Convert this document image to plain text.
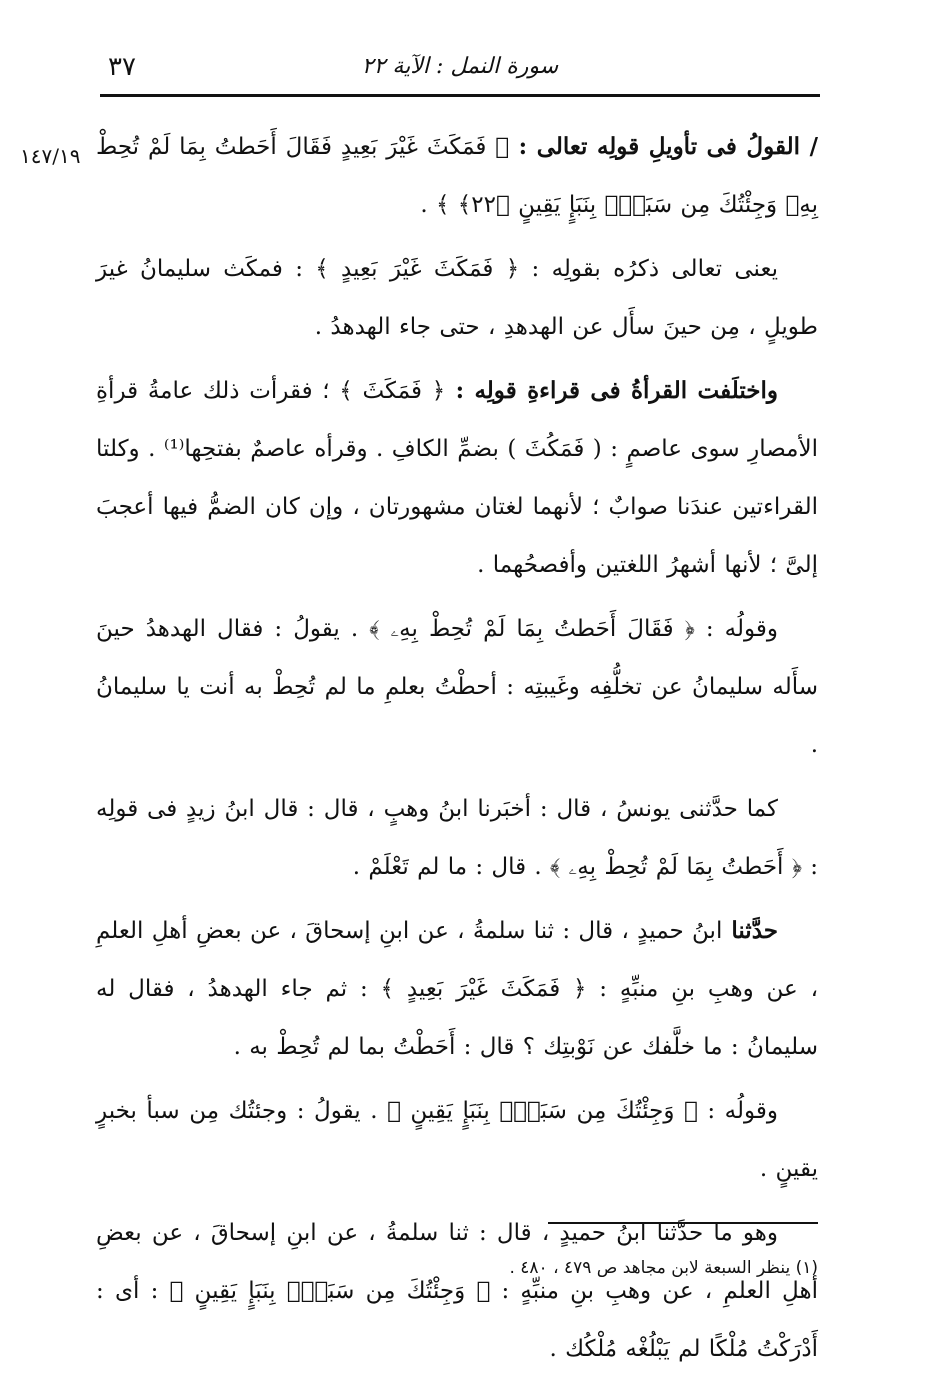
٣٧	سورة النمل : الآية ٢٢
١٤٧/١٩	/ القولُ فى تأويلِ قولِه تعالى : ﴿ فَمَكَثَ غَيْرَ بَعِيدٍ فَقَالَ أَحَطتُ بِمَا لَمْ تُحِطْ بِهِۦ وَجِئْتُكَ مِن سَبَإٍۭ بِنَبَإٍ يَقِينٍ ﴿٢٢﴾ ﴾ .

يعنى تعالى ذكرُه بقولِه : ﴿ فَمَكَثَ غَيْرَ بَعِيدٍ ﴾ : فمكَث سليمانُ غيرَ طويلٍ ، مِن حينَ سأَل عن الهدهدِ ، حتى جاء الهدهدُ .

واختلَفت القرأةُ فى قراءةِ قولِه : ﴿ فَمَكَثَ ﴾ ؛ فقرأت ذلك عامةُ قرأةِ الأمصارِ سوى عاصمٍ : ( فَمَكُثَ ) بضمِّ الكافِ . وقرأه عاصمٌ بفتحِها⁽¹⁾ . وكلتا القراءتين عندَنا صوابٌ ؛ لأنهما لغتان مشهورتان ، وإن كان الضمُّ فيها أعجبَ إلىَّ ؛ لأنها أشهرُ اللغتين وأفصحُهما .

وقولُه : ﴿ فَقَالَ أَحَطتُ بِمَا لَمْ تُحِطْ بِهِۦ ﴾ . يقولُ : فقال الهدهدُ حينَ سأَله سليمانُ عن تخلُّفِه وغَيبتِه : أحطْتُ بعلمِ ما لم تُحِطْ به أنت يا سليمانُ .

كما حدَّثنى يونسُ ، قال : أخبَرنا ابنُ وهبٍ ، قال : قال ابنُ زيدٍ فى قولِه : ﴿ أَحَطتُ بِمَا لَمْ تُحِطْ بِهِۦ ﴾ . قال : ما لم تَعْلَمْ .

حدَّثنا ابنُ حميدٍ ، قال : ثنا سلمةُ ، عن ابنِ إسحاقَ ، عن بعضِ أهلِ العلمِ ، عن وهبِ بنِ منبِّهٍ : ﴿ فَمَكَثَ غَيْرَ بَعِيدٍ ﴾ : ثم جاء الهدهدُ ، فقال له سليمانُ : ما خلَّفك عن نَوْبتِك ؟ قال : أَحَطْتُ بما لم تُحِطْ به .

وقولُه : ﴿ وَجِئْتُكَ مِن سَبَإٍۭ بِنَبَإٍ يَقِينٍ ﴾ . يقولُ : وجئتُك مِن سبأ بخبرٍ يقينٍ .

وهو ما حدَّثنا ابنُ حميدٍ ، قال : ثنا سلمةُ ، عن ابنِ إسحاقَ ، عن بعضِ أهلِ العلمِ ، عن وهبِ بنِ منبِّهٍ : ﴿ وَجِئْتُكَ مِن سَبَإٍۭ بِنَبَإٍ يَقِينٍ ﴾ : أى : أَدْرَكْتُ مُلْكًا لم يَبْلُغْه مُلْكُك .

(١) ينظر السبعة لابن مجاهد ص ٤٧٩ ، ٤٨٠ .
